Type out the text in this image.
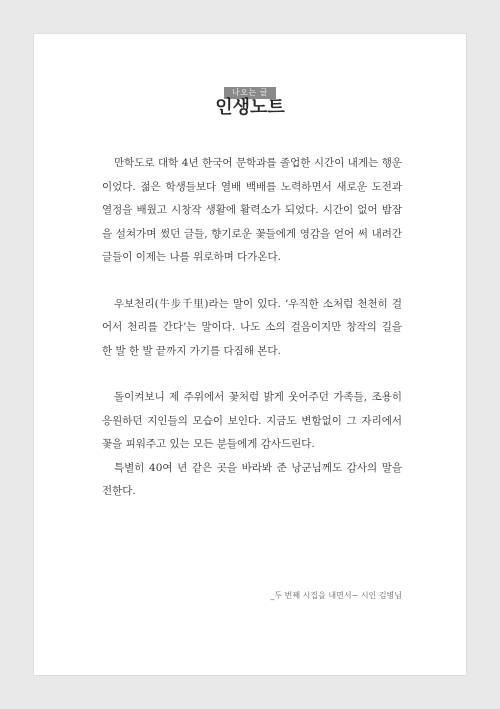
나오는 글
인생노트

만학도로 대학 4년 한국어 문학과를 졸업한 시간이 내게는 행운이었다. 젊은 학생들보다 열배 백배를 노력하면서 새로운 도전과 열정을 배웠고 시창작 생활에 활력소가 되었다. 시간이 없어 밤잠을 설쳐가며 썼던 글들, 향기로운 꽃들에게 영감을 얻어 써 내려간 글들이 이제는 나를 위로하며 다가온다.

우보천리(牛步千里)라는 말이 있다. ‘우직한 소처럼 천천히 걸어서 천리를 간다’는 말이다. 나도 소의 걸음이지만 창작의 길을 한 발 한 발 끝까지 가기를 다짐해 본다.

돌이켜보니 제 주위에서 꽃처럼 밝게 웃어주던 가족들, 조용히 응원하던 지인들의 모습이 보인다. 지금도 변함없이 그 자리에서 꽃을 피워주고 있는 모든 분들에게 감사드린다.

특별히 40여 년 같은 곳을 바라봐 준 낭군님께도 감사의 말을 전한다.

_두 번째 시집을 내면서~ 시인 김병님
